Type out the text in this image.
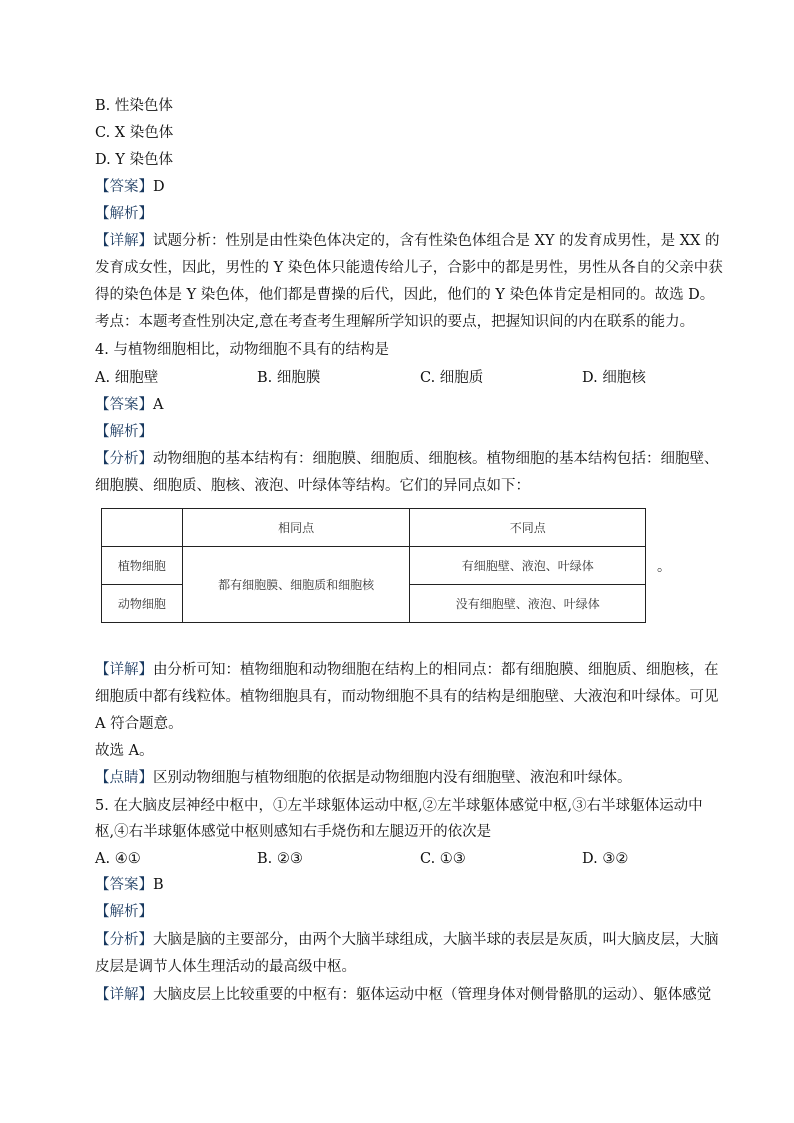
B. 性染色体
C. X 染色体
D. Y 染色体
【答案】D
【解析】
【详解】试题分析：性别是由性染色体决定的，含有性染色体组合是 XY 的发育成男性，是 XX 的
发育成女性，因此，男性的 Y 染色体只能遗传给儿子，合影中的都是男性，男性从各自的父亲中获
得的染色体是 Y 染色体，他们都是曹操的后代，因此，他们的 Y 染色体肯定是相同的。故选 D。
考点：本题考查性别决定,意在考查考生理解所学知识的要点，把握知识间的内在联系的能力。
4. 与植物细胞相比，动物细胞不具有的结构是
A. 细胞壁	B. 细胞膜	C. 细胞质	D. 细胞核
【答案】A
【解析】
【分析】动物细胞的基本结构有：细胞膜、细胞质、细胞核。植物细胞的基本结构包括：细胞壁、
细胞膜、细胞质、胞核、液泡、叶绿体等结构。它们的异同点如下：
	相同点	不同点
植物细胞	都有细胞膜、细胞质和细胞核	有细胞壁、液泡、叶绿体
动物细胞		没有细胞壁、液泡、叶绿体
。
【详解】由分析可知：植物细胞和动物细胞在结构上的相同点：都有细胞膜、细胞质、细胞核，在
细胞质中都有线粒体。植物细胞具有，而动物细胞不具有的结构是细胞壁、大液泡和叶绿体。可见
A 符合题意。
故选 A。
【点睛】区别动物细胞与植物细胞的依据是动物细胞内没有细胞壁、液泡和叶绿体。
5. 在大脑皮层神经中枢中，①左半球躯体运动中枢,②左半球躯体感觉中枢,③右半球躯体运动中
枢,④右半球躯体感觉中枢则感知右手烧伤和左腿迈开的依次是
A. ④①	B. ②③	C. ①③	D. ③②
【答案】B
【解析】
【分析】大脑是脑的主要部分，由两个大脑半球组成，大脑半球的表层是灰质，叫大脑皮层，大脑
皮层是调节人体生理活动的最高级中枢。
【详解】大脑皮层上比较重要的中枢有：躯体运动中枢（管理身体对侧骨骼肌的运动）、躯体感觉
